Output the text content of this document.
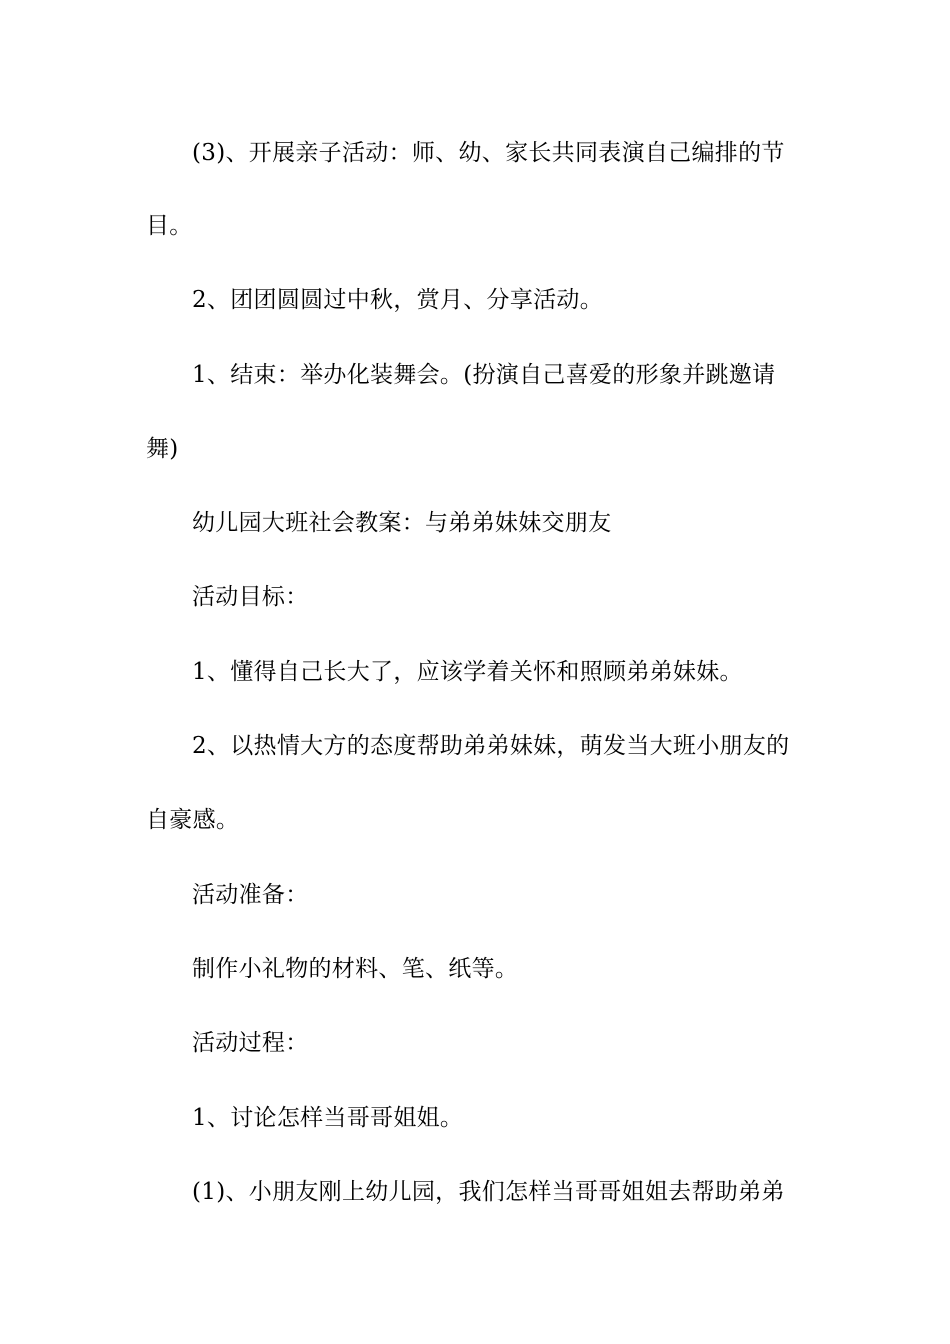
(3)、开展亲子活动：师、幼、家长共同表演自己编排的节
目。
2、团团圆圆过中秋，赏月、分享活动。
1、结束：举办化装舞会。(扮演自己喜爱的形象并跳邀请
舞)
幼儿园大班社会教案：与弟弟妹妹交朋友
活动目标：
1、懂得自己长大了，应该学着关怀和照顾弟弟妹妹。
2、以热情大方的态度帮助弟弟妹妹，萌发当大班小朋友的
自豪感。
活动准备：
制作小礼物的材料、笔、纸等。
活动过程：
1、讨论怎样当哥哥姐姐。
(1)、小朋友刚上幼儿园，我们怎样当哥哥姐姐去帮助弟弟
